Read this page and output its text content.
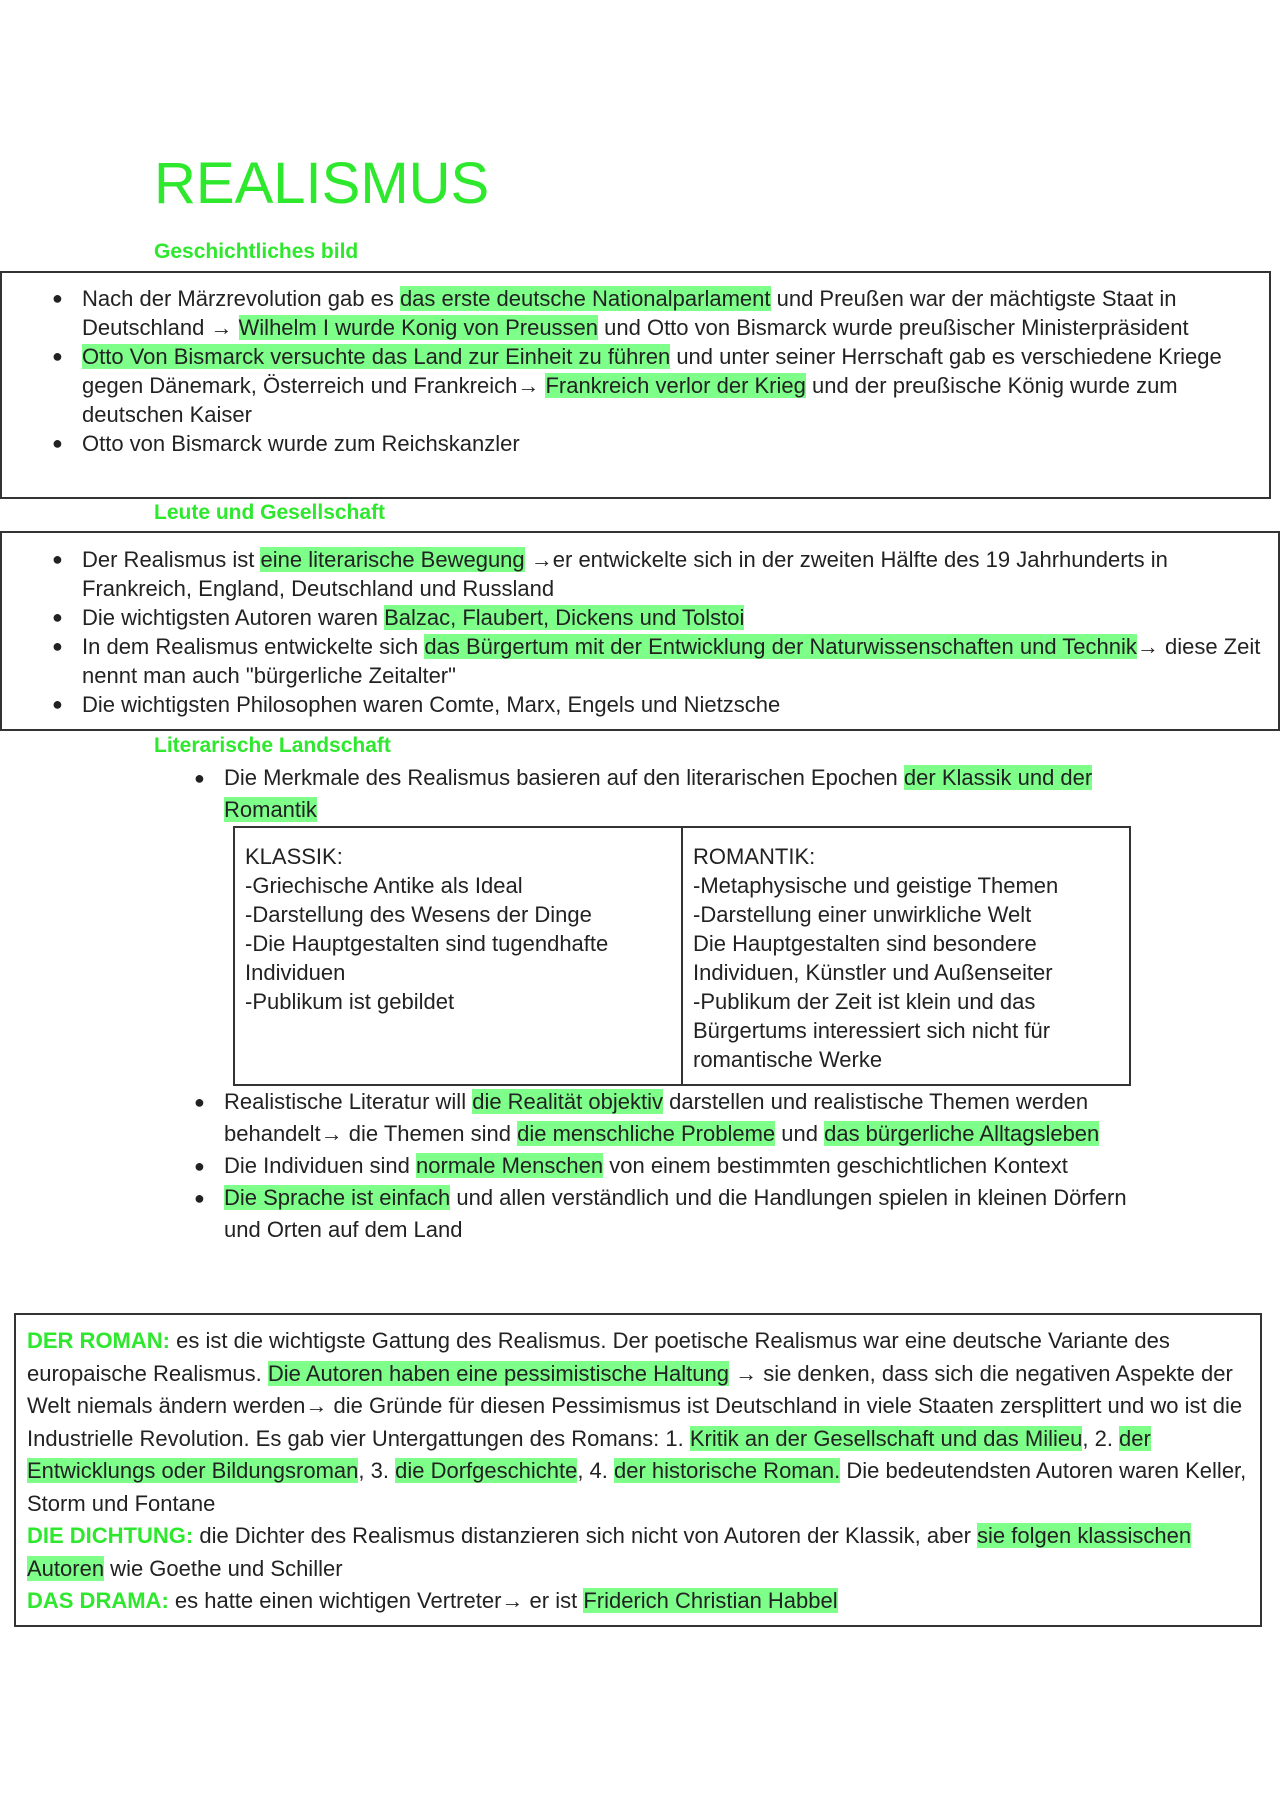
REALISMUS
Geschichtliches bild
● Nach der Märzrevolution gab es das erste deutsche Nationalparlament und Preußen war der mächtigste Staat in Deutschland → Wilhelm I wurde Konig von Preussen und Otto von Bismarck wurde preußischer Ministerpräsident
● Otto Von Bismarck versuchte das Land zur Einheit zu führen und unter seiner Herrschaft gab es verschiedene Kriege gegen Dänemark, Österreich und Frankreich→ Frankreich verlor der Krieg und der preußische König wurde zum deutschen Kaiser
● Otto von Bismarck wurde zum Reichskanzler
Leute und Gesellschaft
● Der Realismus ist eine literarische Bewegung →er entwickelte sich in der zweiten Hälfte des 19 Jahrhunderts in Frankreich, England, Deutschland und Russland
● Die wichtigsten Autoren waren Balzac, Flaubert, Dickens und Tolstoi
● In dem Realismus entwickelte sich das Bürgertum mit der Entwicklung der Naturwissenschaften und Technik→ diese Zeit nennt man auch "bürgerliche Zeitalter"
● Die wichtigsten Philosophen waren Comte, Marx, Engels und Nietzsche
Literarische Landschaft
● Die Merkmale des Realismus basieren auf den literarischen Epochen der Klassik und der Romantik
KLASSIK:
-Griechische Antike als Ideal
-Darstellung des Wesens der Dinge
-Die Hauptgestalten sind tugendhafte Individuen
-Publikum ist gebildet
ROMANTIK:
-Metaphysische und geistige Themen
-Darstellung einer unwirkliche Welt
Die Hauptgestalten sind besondere Individuen, Künstler und Außenseiter
-Publikum der Zeit ist klein und das Bürgertums interessiert sich nicht für romantische Werke
● Realistische Literatur will die Realität objektiv darstellen und realistische Themen werden behandelt→ die Themen sind die menschliche Probleme und das bürgerliche Alltagsleben
● Die Individuen sind normale Menschen von einem bestimmten geschichtlichen Kontext
● Die Sprache ist einfach und allen verständlich und die Handlungen spielen in kleinen Dörfern und Orten auf dem Land
DER ROMAN: es ist die wichtigste Gattung des Realismus. Der poetische Realismus war eine deutsche Variante des europaische Realismus. Die Autoren haben eine pessimistische Haltung → sie denken, dass sich die negativen Aspekte der Welt niemals ändern werden→ die Gründe für diesen Pessimismus ist Deutschland in viele Staaten zersplittert und wo ist die Industrielle Revolution. Es gab vier Untergattungen des Romans: 1. Kritik an der Gesellschaft und das Milieu, 2. der Entwicklungs oder Bildungsroman, 3. die Dorfgeschichte, 4. der historische Roman. Die bedeutendsten Autoren waren Keller, Storm und Fontane
DIE DICHTUNG: die Dichter des Realismus distanzieren sich nicht von Autoren der Klassik, aber sie folgen klassischen Autoren wie Goethe und Schiller
DAS DRAMA: es hatte einen wichtigen Vertreter→ er ist Friderich Christian Habbel
